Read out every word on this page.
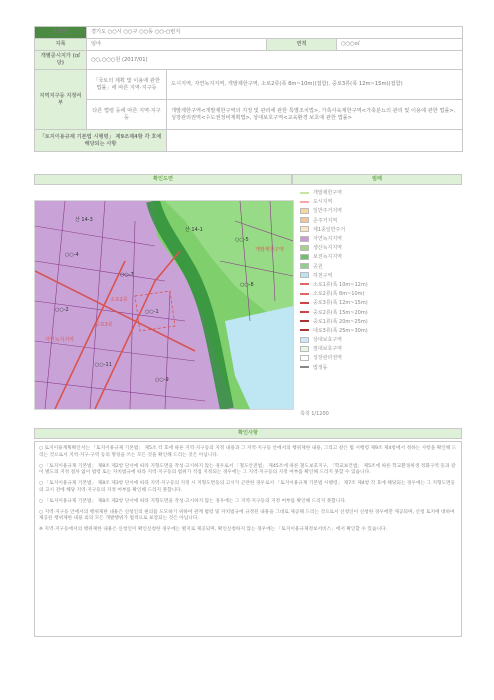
소재지	경기도 ○○시 ○○구 ○○동 ○○-○번지			
지목	임야		면적	○○○㎡
개별공시지가 (㎡당)	○○,○○○원 (2017/01)			
지역지구등 지정여부	「국토의 계획 및 이용에 관한 법률」에 따른 지역·지구등	도시지역, 자연녹지지역, 개발제한구역, 소로2류(폭 8m~10m)(접함), 중로3류(폭 12m~15m)(접함)		
	다른 법령 등에 따른 지역·지구등	개발제한구역<개발제한구역의 지정 및 관리에 관한 특별조치법>, 가축사육제한구역<가축분뇨의 관리 및 이용에 관한 법률>, 성장관리권역<수도권정비계획법>, 상대보호구역<교육환경 보호에 관한 법률>		
「토지이용규제 기본법 시행령」 제9조제4항 각 호에 해당되는 사항				
확인도면	범례
산 14-3
산 14-1
○○-4
○○-7
○○-2	○○-1
○○-5
○○-8
○○-11
○○-9
개발제한구역
자연녹지지역
소로2류
중로3류
개발제한구역
도시지역
일반주거지역
준주거지역
제1종일반주거
자연녹지지역
생산녹지지역
보전녹지지역
공원
하천구역
소로1류(폭 10m~12m)
소로2류(폭 8m~10m)
중로3류(폭 12m~15m)
중로2류(폭 15m~20m)
중로1류(폭 20m~25m)
대로3류(폭 25m~30m)
상대보호구역
절대보호구역
성장관리권역
법정동
축척 1/1200
확인사항

○ 토지이용계획확인서는 「토지이용규제 기본법」 제5조 각 호에 따른 지역·지구등의 지정 내용과 그 지역·지구등 안에서의 행위제한 내용, 그리고 같은 법 시행령 제9조 제4항에서 정하는 사항을 확인해 드리는 것으로서 지역·지구·구역 등의 명칭을 쓰는 모든 것을 확인해 드리는 것은 아닙니다.

○ 「토지이용규제 기본법」 제8조 제2항 단서에 따라 지형도면을 작성·고시하지 않는 경우로서 「철도안전법」 제45조에 따른 철도보호지구, 「학교보건법」 제5조에 따른 학교환경위생 정화구역 등과 같이 별도의 지정 절차 없이 법령 또는 자치법규에 따라 지역·지구등의 범위가 직접 지정되는 경우에는 그 지역·지구등의 지정 여부를 확인해 드리지 못할 수 있습니다.

○ 「토지이용규제 기본법」 제8조 제3항 단서에 따라 지역·지구등의 지정 시 지형도면등의 고시가 곤란한 경우로서 「토지이용규제 기본법 시행령」 제7조 제4항 각 호에 해당되는 경우에는 그 지형도면등의 고시 전에 해당 지역·지구등의 지정 여부를 확인해 드리지 못합니다.

○ 「토지이용규제 기본법」 제8조 제2항 단서에 따라 지형도면을 작성·고시하지 않는 경우에는 그 지역·지구등의 지정 여부를 확인해 드리지 못합니다.

○ 지역·지구등 안에서의 행위제한 내용은 신청인의 편의를 도모하기 위하여 관계 법령 및 자치법규에 규정된 내용을 그대로 제공해 드리는 것으로서 신청인이 신청한 경우에만 제공되며, 신청 토지에 대하여 제공된 행위제한 내용 외의 모든 개발행위가 법적으로 보장되는 것은 아닙니다.

※ 지역·지구등에서의 행위제한 내용은 신청인이 확인신청한 경우에는 별지로 제공되며, 확인신청하지 않는 경우에는 「토지이용규제정보서비스」에서 확인할 수 있습니다.
